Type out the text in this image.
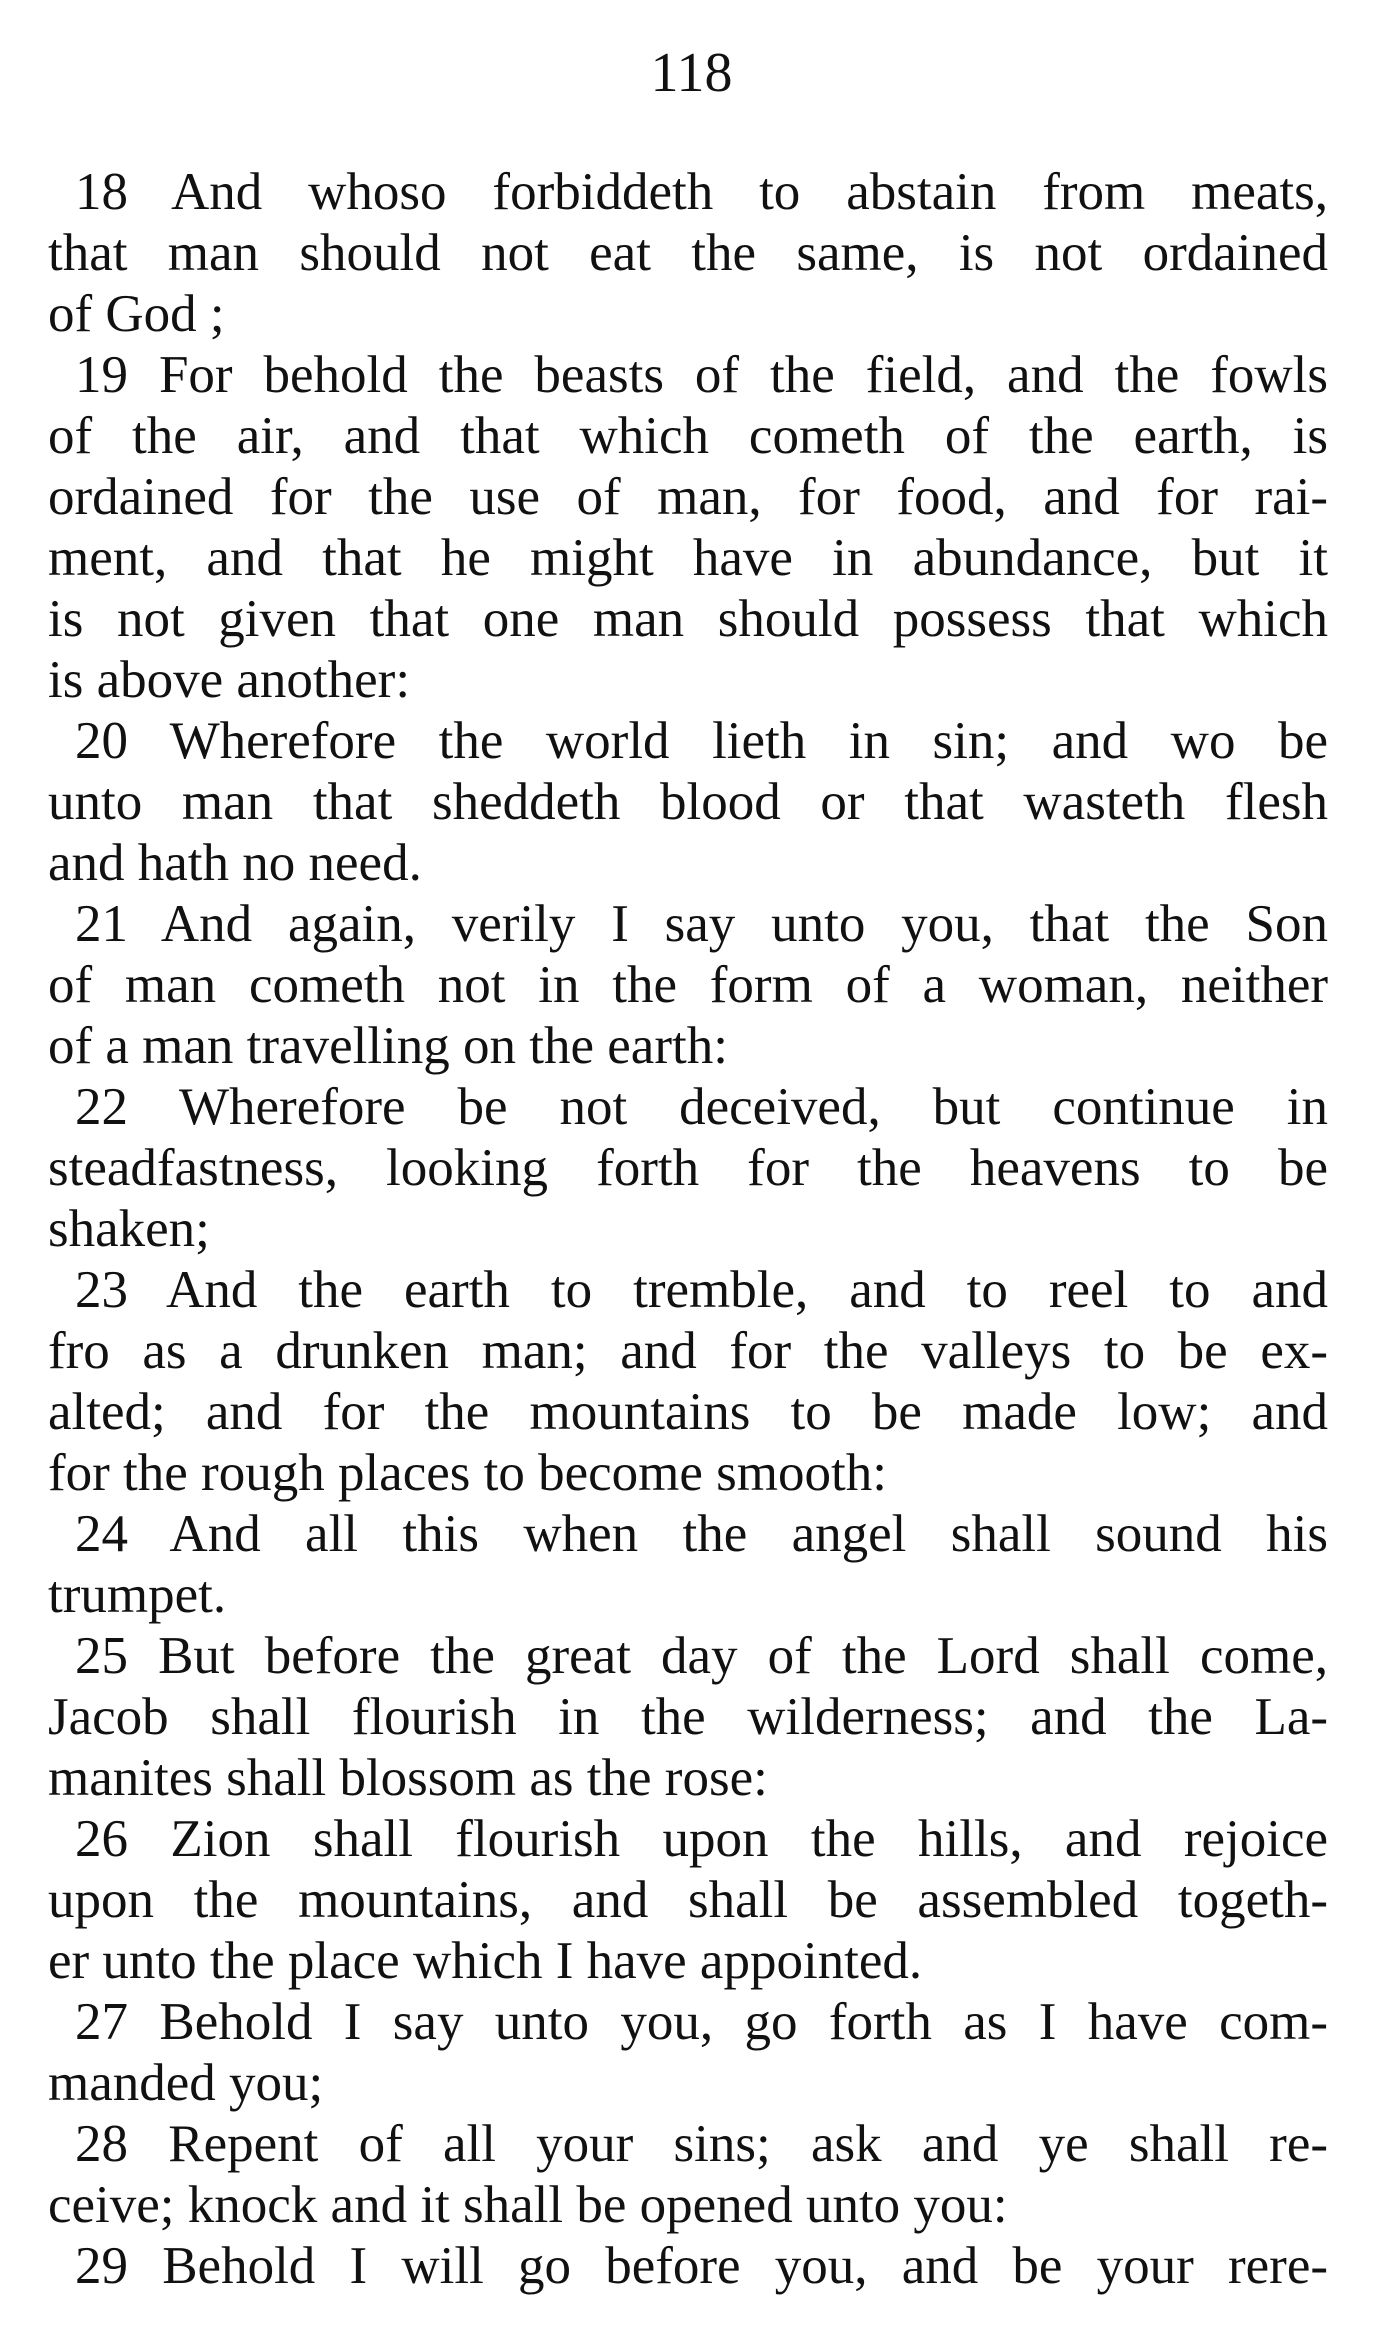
118
18 And whoso forbiddeth to abstain from meats,
that man should not eat the same, is not ordained
of God ;
19 For behold the beasts of the field, and the fowls
of the air, and that which cometh of the earth, is
ordained for the use of man, for food, and for rai-
ment, and that he might have in abundance, but it
is not given that one man should possess that which
is above another:
20 Wherefore the world lieth in sin; and wo be
unto man that sheddeth blood or that wasteth flesh
and hath no need.
21 And again, verily I say unto you, that the Son
of man cometh not in the form of a woman, neither
of a man travelling on the earth:
22 Wherefore be not deceived, but continue in
steadfastness, looking forth for the heavens to be
shaken;
23 And the earth to tremble, and to reel to and
fro as a drunken man; and for the valleys to be ex-
alted; and for the mountains to be made low; and
for the rough places to become smooth:
24 And all this when the angel shall sound his
trumpet.
25 But before the great day of the Lord shall come,
Jacob shall flourish in the wilderness; and the La-
manites shall blossom as the rose:
26 Zion shall flourish upon the hills, and rejoice
upon the mountains, and shall be assembled togeth-
er unto the place which I have appointed.
27 Behold I say unto you, go forth as I have com-
manded you;
28 Repent of all your sins; ask and ye shall re-
ceive; knock and it shall be opened unto you:
29 Behold I will go before you, and be your rere-
